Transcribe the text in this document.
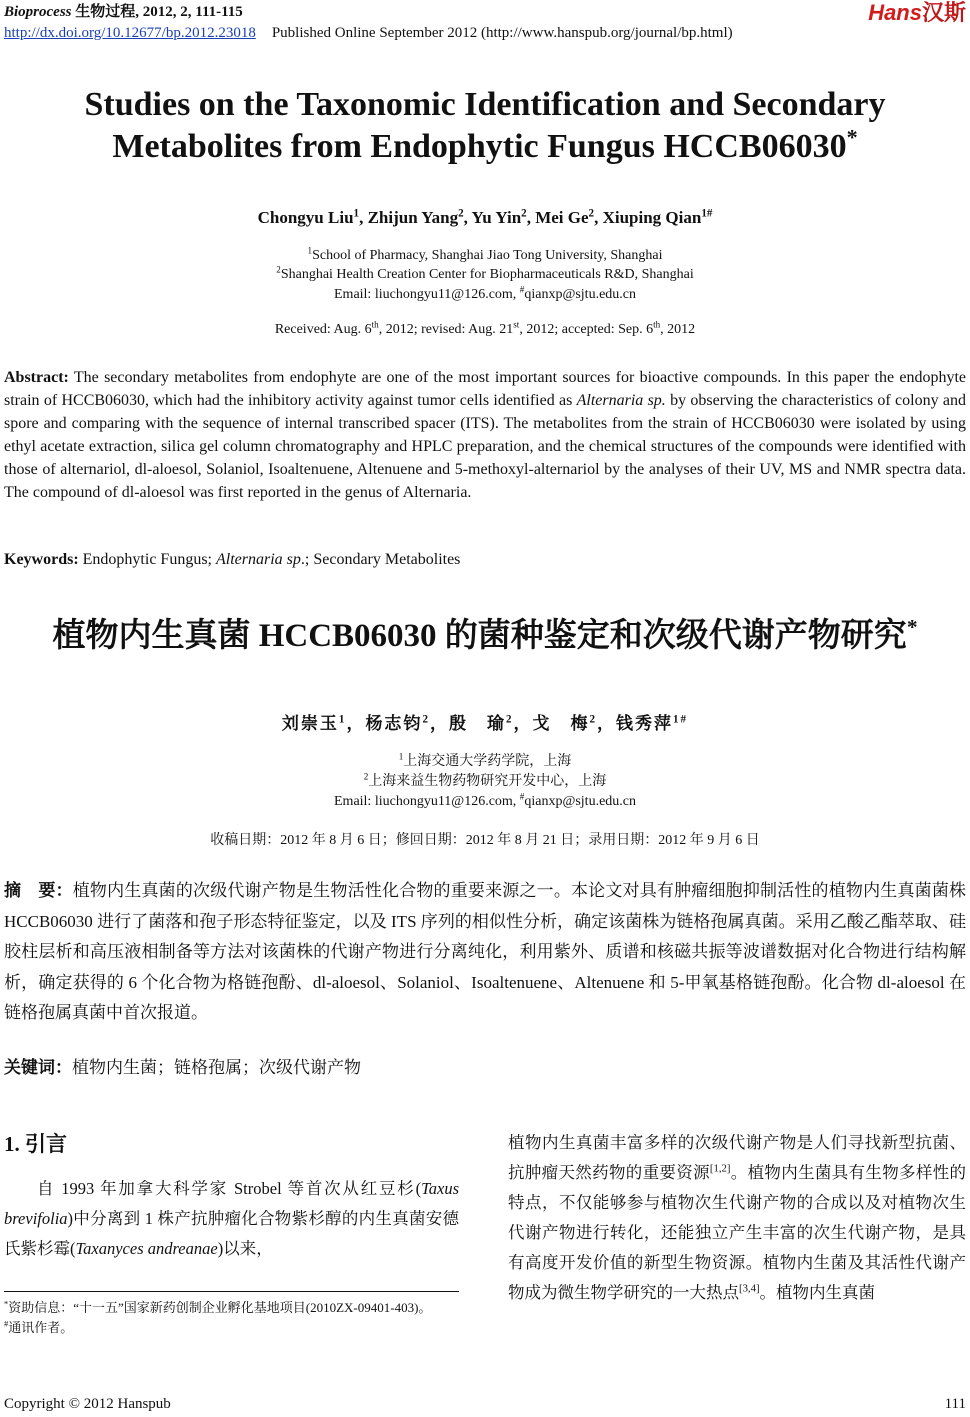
Bioprocess 生物过程, 2012, 2, 111-115
http://dx.doi.org/10.12677/bp.2012.23018 Published Online September 2012 (http://www.hanspub.org/journal/bp.html)
Hans汉斯
Studies on the Taxonomic Identification and Secondary
Metabolites from Endophytic Fungus HCCB06030*
Chongyu Liu$^1$, Zhijun Yang$^2$, Yu Yin$^2$, Mei Ge$^2$, Xiuping Qian$^{1\#}$
$^1$School of Pharmacy, Shanghai Jiao Tong University, Shanghai
$^2$Shanghai Health Creation Center for Biopharmaceuticals R&D, Shanghai
Email: liuchongyu11@126.com, #qianxp@sjtu.edu.cn
Received: Aug. 6th, 2012; revised: Aug. 21st, 2012; accepted: Sep. 6th, 2012
Abstract: The secondary metabolites from endophyte are one of the most important sources for bioactive compounds. In this paper the endophyte strain of HCCB06030, which had the inhibitory activity against tumor cells identified as Alternaria sp. by observing the characteristics of colony and spore and comparing with the sequence of internal transcribed spacer (ITS). The metabolites from the strain of HCCB06030 were isolated by using ethyl acetate extraction, silica gel column chromatography and HPLC preparation, and the chemical structures of the compounds were identified with those of alternariol, dl-aloesol, Solaniol, Isoaltenuene, Altenuene and 5-methoxyl-alternariol by the analyses of their UV, MS and NMR spectra data. The compound of dl-aloesol was first reported in the genus of Alternaria.
Keywords: Endophytic Fungus; Alternaria sp.; Secondary Metabolites
植物内生真菌 HCCB06030 的菌种鉴定和次级代谢产物研究*
刘崇玉$^1$，杨志钧$^2$，殷　瑜$^2$，戈　梅$^2$，钱秀萍$^{1\#}$
$^1$上海交通大学药学院，上海
$^2$上海来益生物药物研究开发中心，上海
Email: liuchongyu11@126.com, #qianxp@sjtu.edu.cn
收稿日期：2012 年 8 月 6 日；修回日期：2012 年 8 月 21 日；录用日期：2012 年 9 月 6 日
摘　要：植物内生真菌的次级代谢产物是生物活性化合物的重要来源之一。本论文对具有肿瘤细胞抑制活性的植物内生真菌菌株 HCCB06030 进行了菌落和孢子形态特征鉴定，以及 ITS 序列的相似性分析，确定该菌株为链格孢属真菌。采用乙酸乙酯萃取、硅胶柱层析和高压液相制备等方法对该菌株的代谢产物进行分离纯化，利用紫外、质谱和核磁共振等波谱数据对化合物进行结构解析，确定获得的 6 个化合物为格链孢酚、dl-aloesol、Solaniol、Isoaltenuene、Altenuene 和 5-甲氧基格链孢酚。化合物 dl-aloesol 在链格孢属真菌中首次报道。
关键词：植物内生菌；链格孢属；次级代谢产物
1. 引言

自 1993 年加拿大科学家 Strobel 等首次从红豆杉(Taxus brevifolia)中分离到 1 株产抗肿瘤化合物紫杉醇的内生真菌安德氏紫杉霉(Taxanyces andreanae)以来，

*资助信息：“十一五”国家新药创制企业孵化基地项目(2010ZX-09401-403)。
#通讯作者。

植物内生真菌丰富多样的次级代谢产物是人们寻找新型抗菌、抗肿瘤天然药物的重要资源[1,2]。植物内生菌具有生物多样性的特点，不仅能够参与植物次生代谢产物的合成以及对植物次生代谢产物进行转化，还能独立产生丰富的次生代谢产物，是具有高度开发价值的新型生物资源。植物内生菌及其活性代谢产物成为微生物学研究的一大热点[3,4]。植物内生真菌

Copyright © 2012 Hanspub	111
